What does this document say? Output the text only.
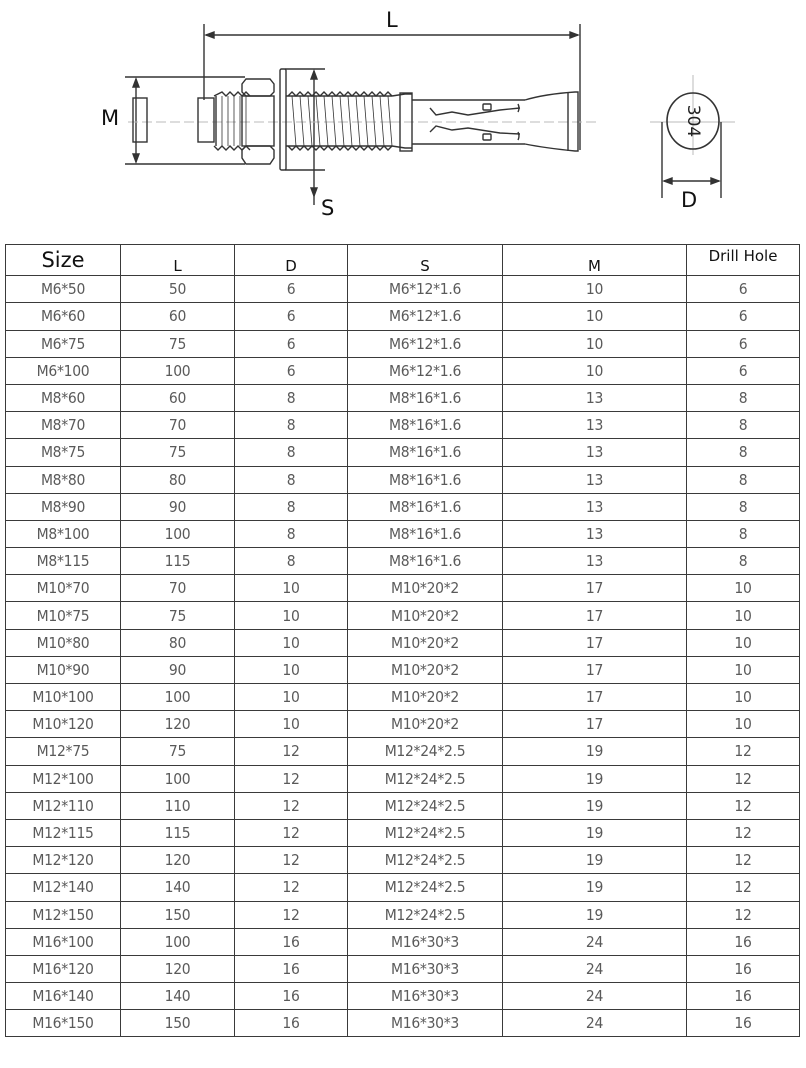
304
L
M
S	D
Size	L	D	S	M	Drill Hole
M6*50	50	6	M6*12*1.6	10	6
M6*60	60	6	M6*12*1.6	10	6
M6*75	75	6	M6*12*1.6	10	6
M6*100	100	6	M6*12*1.6	10	6
M8*60	60	8	M8*16*1.6	13	8
M8*70	70	8	M8*16*1.6	13	8
M8*75	75	8	M8*16*1.6	13	8
M8*80	80	8	M8*16*1.6	13	8
M8*90	90	8	M8*16*1.6	13	8
M8*100	100	8	M8*16*1.6	13	8
M8*115	115	8	M8*16*1.6	13	8
M10*70	70	10	M10*20*2	17	10
M10*75	75	10	M10*20*2	17	10
M10*80	80	10	M10*20*2	17	10
M10*90	90	10	M10*20*2	17	10
M10*100	100	10	M10*20*2	17	10
M10*120	120	10	M10*20*2	17	10
M12*75	75	12	M12*24*2.5	19	12
M12*100	100	12	M12*24*2.5	19	12
M12*110	110	12	M12*24*2.5	19	12
M12*115	115	12	M12*24*2.5	19	12
M12*120	120	12	M12*24*2.5	19	12
M12*140	140	12	M12*24*2.5	19	12
M12*150	150	12	M12*24*2.5	19	12
M16*100	100	16	M16*30*3	24	16
M16*120	120	16	M16*30*3	24	16
M16*140	140	16	M16*30*3	24	16
M16*150	150	16	M16*30*3	24	16
